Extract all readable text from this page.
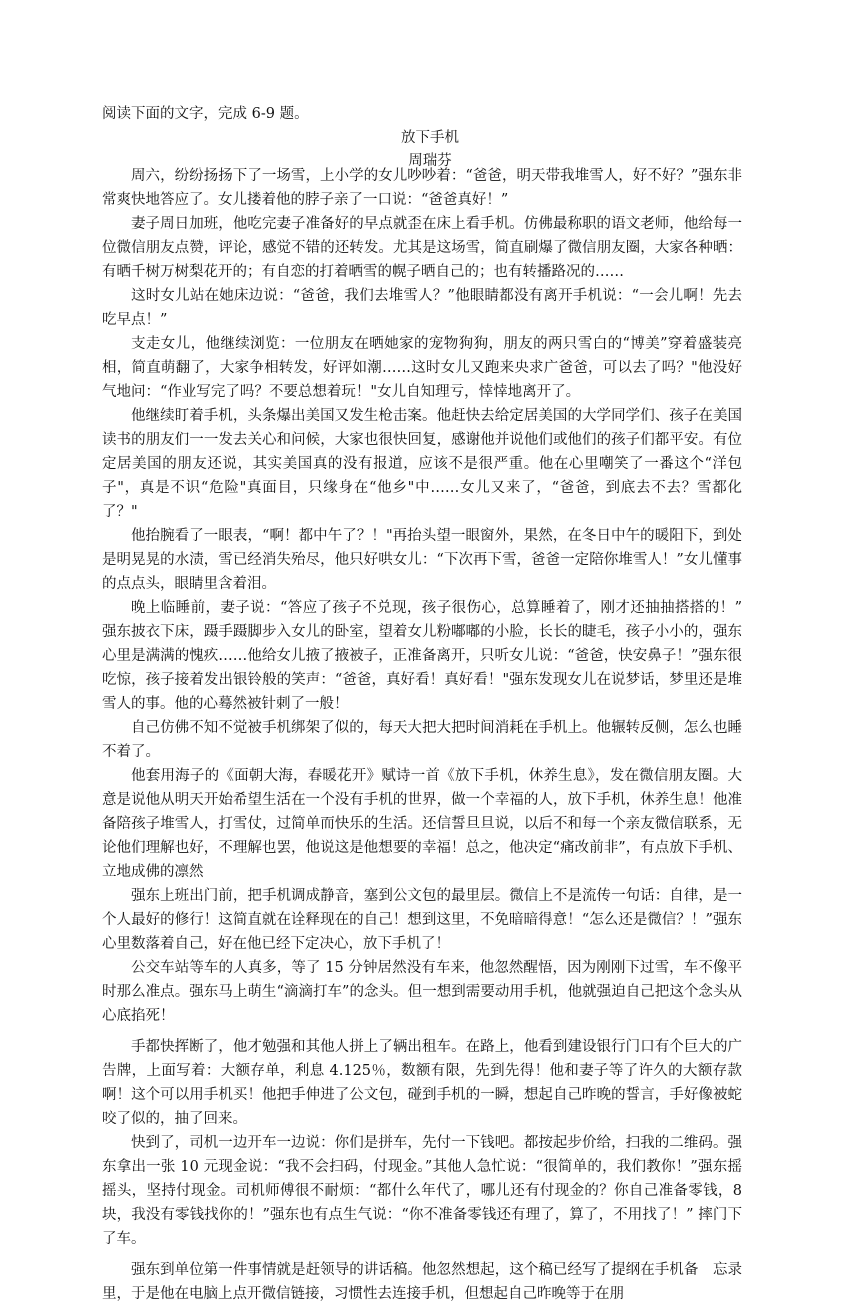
阅读下面的文字，完成 6-9 题。
放下手机
周瑞芬

周六，纷纷扬扬下了一场雪，上小学的女儿吵吵着：“爸爸，明天带我堆雪人，好不好？”强东非常爽快地答应了。女儿搂着他的脖子亲了一口说：“爸爸真好！”

妻子周日加班，他吃完妻子准备好的早点就歪在床上看手机。仿佛最称职的语文老师，他给每一位微信朋友点赞，评论，感觉不错的还转发。尤其是这场雪，简直刷爆了微信朋友圈，大家各种晒：有晒千树万树梨花开的；有自恋的打着晒雪的幌子晒自己的；也有转播路况的……

这时女儿站在她床边说：“爸爸，我们去堆雪人？”他眼睛都没有离开手机说：“一会儿啊！先去吃早点！”

支走女儿，他继续浏览：一位朋友在晒她家的宠物狗狗，朋友的两只雪白的“博美”穿着盛装亮相，简直萌翻了，大家争相转发，好评如潮……这时女儿又跑来央求广爸爸，可以去了吗？"他没好气地问：“作业写完了吗？不要总想着玩！"女儿自知理亏，悻悻地离开了。

他继续盯着手机，头条爆出美国又发生枪击案。他赶快去给定居美国的大学同学们、孩子在美国读书的朋友们一一发去关心和问候，大家也很快回复，感谢他并说他们或他们的孩子们都平安。有位定居美国的朋友还说，其实美国真的没有报道，应该不是很严重。他在心里嘲笑了一番这个“洋包子"，真是不识“危险"真面目，只缘身在“他乡"中……女儿又来了，“爸爸，到底去不去？雪都化了？"

他抬腕看了一眼表，“啊！都中午了？！"再抬头望一眼窗外，果然，在冬日中午的暖阳下，到处是明晃晃的水渍，雪已经消失殆尽，他只好哄女儿：“下次再下雪，爸爸一定陪你堆雪人！”女儿懂事的点点头，眼睛里含着泪。

晚上临睡前，妻子说：“答应了孩子不兑现，孩子很伤心，总算睡着了，刚才还抽抽搭搭的！” 强东披衣下床，蹑手蹑脚步入女儿的卧室，望着女儿粉嘟嘟的小脸，长长的睫毛，孩子小小的，强东心里是满满的愧疚……他给女儿掖了掖被子，正准备离开，只听女儿说：“爸爸，快安鼻子！”强东很吃惊，孩子接着发出银铃般的笑声：“爸爸，真好看！真好看！"强东发现女儿在说梦话，梦里还是堆雪人的事。他的心蓦然被针刺了一般！

自己仿佛不知不觉被手机绑架了似的，每天大把大把时间消耗在手机上。他辗转反侧，怎么也睡不着了。

他套用海子的《面朝大海，春暖花开》赋诗一首《放下手机，休养生息》，发在微信朋友圈。大意是说他从明天开始希望生活在一个没有手机的世界，做一个幸福的人，放下手机，休养生息！他准备陪孩子堆雪人，打雪仗，过简单而快乐的生活。还信誓旦旦说，以后不和每一个亲友微信联系，无论他们理解也好，不理解也罢，他说这是他想要的幸福！总之，他决定“痛改前非”，有点放下手机、立地成佛的凛然

强东上班出门前，把手机调成静音，塞到公文包的最里层。微信上不是流传一句话：自律，是一个人最好的修行！这简直就在诠释现在的自己！想到这里，不免暗暗得意！“怎么还是微信？！”强东心里数落着自己，好在他已经下定决心，放下手机了！

公交车站等车的人真多，等了 15 分钟居然没有车来，他忽然醒悟，因为刚刚下过雪，车不像平时那么准点。强东马上萌生“滴滴打车”的念头。但一想到需要动用手机，他就强迫自己把这个念头从心底掐死！

手都快挥断了，他才勉强和其他人拼上了辆出租车。在路上，他看到建设银行门口有个巨大的广告牌，上面写着：大额存单，利息 4.125％，数额有限，先到先得！他和妻子等了许久的大额存款啊！这个可以用手机买！他把手伸进了公文包，碰到手机的一瞬，想起自己昨晚的誓言，手好像被蛇咬了似的，抽了回来。

快到了，司机一边开车一边说：你们是拼车，先付一下钱吧。都按起步价给，扫我的二维码。强东拿出一张 10 元现金说：“我不会扫码，付现金。”其他人急忙说：“很简单的，我们教你！”强东摇摇头，坚持付现金。司机师傅很不耐烦：“都什么年代了，哪儿还有付现金的？你自己准备零钱，8 块，我没有零钱找你的！”强东也有点生气说：“你不准备零钱还有理了，算了，不用找了！” 摔门下了车。

强东到单位第一件事情就是赶领导的讲话稿。他忽然想起，这个稿已经写了提纲在手机备　忘录里，于是他在电脑上点开微信链接，习惯性去连接手机，但想起自己昨晚等于在朋
